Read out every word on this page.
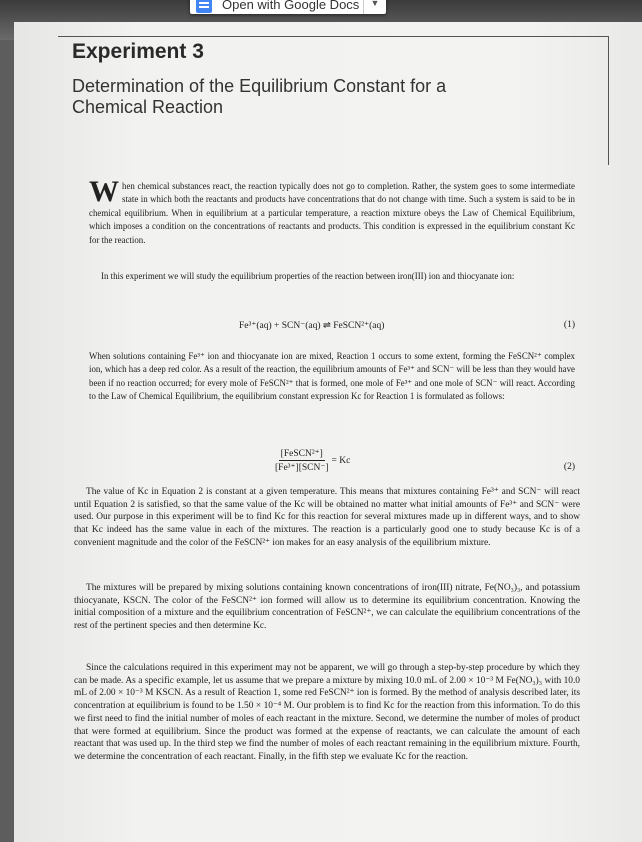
Experiment 3
Determination of the Equilibrium Constant for a Chemical Reaction

When chemical substances react, the reaction typically does not go to completion. Rather, the system goes to some intermediate state in which both the reactants and products have concentrations that do not change with time. Such a system is said to be in chemical equilibrium. When in equilibrium at a particular temperature, a reaction mixture obeys the Law of Chemical Equilibrium, which imposes a condition on the concentrations of reactants and products. This condition is expressed in the equilibrium constant Kc for the reaction.

In this experiment we will study the equilibrium properties of the reaction between iron(III) ion and thiocyanate ion:

Fe³⁺(aq) + SCN⁻(aq) ⇌ FeSCN²⁺(aq)	(1)

When solutions containing Fe³⁺ ion and thiocyanate ion are mixed, Reaction 1 occurs to some extent, forming the FeSCN²⁺ complex ion, which has a deep red color. As a result of the reaction, the equilibrium amounts of Fe³⁺ and SCN⁻ will be less than they would have been if no reaction occurred; for every mole of FeSCN²⁺ that is formed, one mole of Fe³⁺ and one mole of SCN⁻ will react. According to the Law of Chemical Equilibrium, the equilibrium constant expression Kc for Reaction 1 is formulated as follows:

$\frac{\text{[FeSCN²⁺]}}{\text{[Fe³⁺][SCN⁻]}} = Kc$
(2)

The value of Kc in Equation 2 is constant at a given temperature. This means that mixtures containing Fe³⁺ and SCN⁻ will react until Equation 2 is satisfied, so that the same value of the Kc will be obtained no matter what initial amounts of Fe³⁺ and SCN⁻ were used. Our purpose in this experiment will be to find Kc for this reaction for several mixtures made up in different ways, and to show that Kc indeed has the same value in each of the mixtures. The reaction is a particularly good one to study because Kc is of a convenient magnitude and the color of the FeSCN²⁺ ion makes for an easy analysis of the equilibrium mixture.

The mixtures will be prepared by mixing solutions containing known concentrations of iron(III) nitrate, Fe(NO₃)₃, and potassium thiocyanate, KSCN. The color of the FeSCN²⁺ ion formed will allow us to determine its equilibrium concentration. Knowing the initial composition of a mixture and the equilibrium concentration of FeSCN²⁺, we can calculate the equilibrium concentrations of the rest of the pertinent species and then determine Kc.

Since the calculations required in this experiment may not be apparent, we will go through a step-by-step procedure by which they can be made. As a specific example, let us assume that we prepare a mixture by mixing 10.0 mL of 2.00 × 10⁻³ M Fe(NO₃)₃ with 10.0 mL of 2.00 × 10⁻³ M KSCN. As a result of Reaction 1, some red FeSCN²⁺ ion is formed. By the method of analysis described later, its concentration at equilibrium is found to be 1.50 × 10⁻⁴ M. Our problem is to find Kc for the reaction from this information. To do this we first need to find the initial number of moles of each reactant in the mixture. Second, we determine the number of moles of product that were formed at equilibrium. Since the product was formed at the expense of reactants, we can calculate the amount of each reactant that was used up. In the third step we find the number of moles of each reactant remaining in the equilibrium mixture. Fourth, we determine the concentration of each reactant. Finally, in the fifth step we evaluate Kc for the reaction.

Open with Google Docs	▼
